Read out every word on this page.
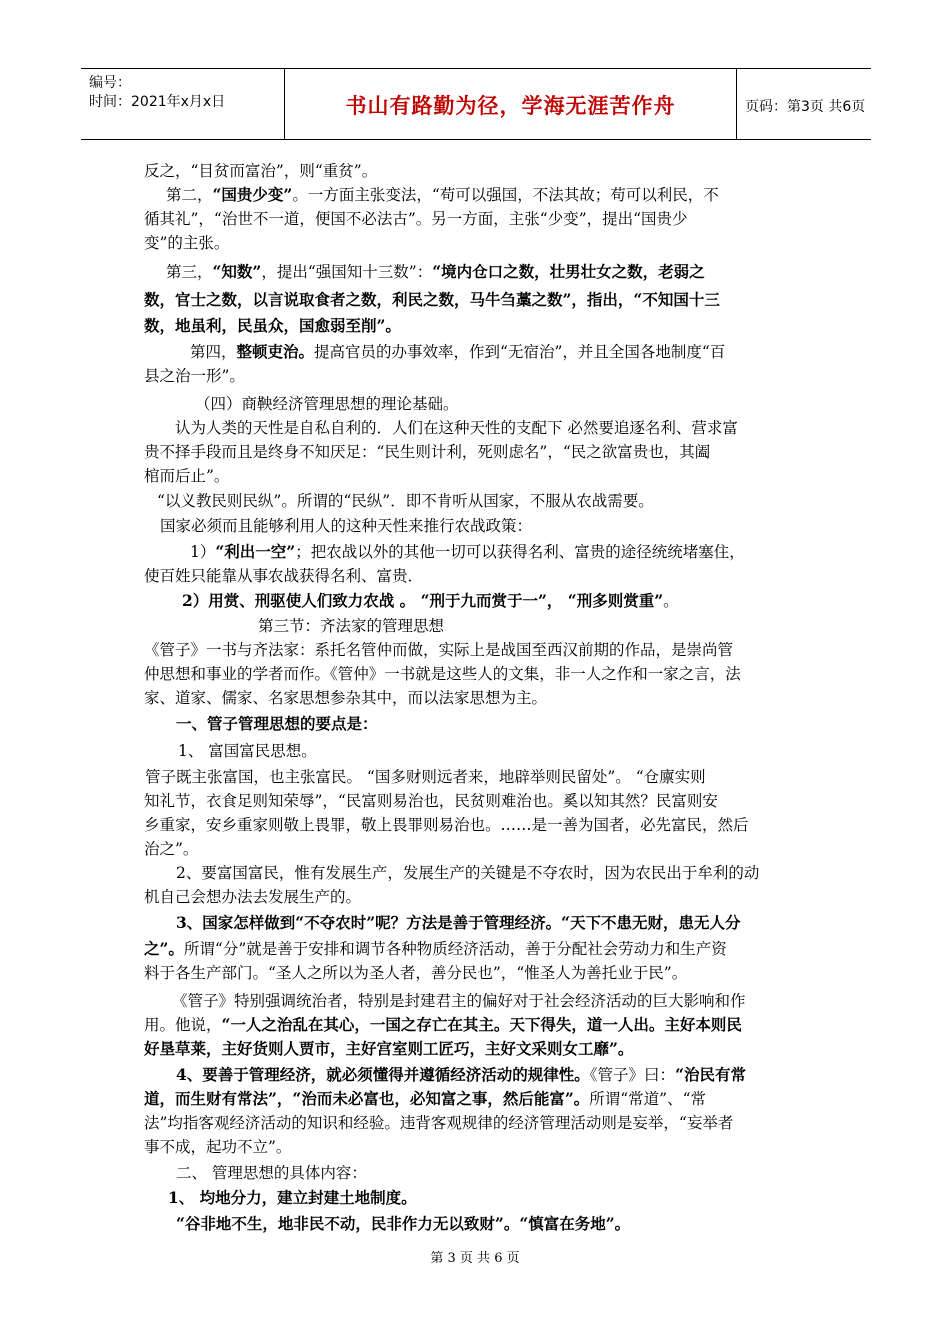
编号：
时间：2021年x月x日	书山有路勤为径，学海无涯苦作舟	页码：第3页 共6页
反之，“目贫而富治”，则“重贫”。
第二，“国贵少变”。一方面主张变法，“苟可以强国，不法其故；苟可以利民，不
循其礼”，“治世不一道，便国不必法古”。另一方面，主张“少变”，提出“国贵少
变”的主张。
第三，“知数”，提出“强国知十三数”：“境内仓口之数，壮男壮女之数，老弱之
数，官士之数，以言说取食者之数，利民之数，马牛刍藁之数”，指出，“不知国十三
数，地虽利，民虽众，国愈弱至削”。
第四，整顿吏治。提高官员的办事效率，作到“无宿治”，并且全国各地制度“百
县之治一形”。
（四）商鞅经济管理思想的理论基础。
认为人类的天性是自私自利的．人们在这种天性的支配下 必然要追逐名利、营求富
贵不择手段而且是终身不知厌足：“民生则计利，死则虑名”，“民之欲富贵也，其阖
棺而后止”。
“以义教民则民纵”。所谓的“民纵”．即不肯听从国家，不服从农战需要。
国家必须而且能够利用人的这种天性来推行农战政策：
1）“利出一空”；把农战以外的其他一切可以获得名利、富贵的途径统统堵塞住，
使百姓只能靠从事农战获得名利、富贵．
2）用赏、刑驱使人们致力农战 。 “刑于九而赏于一”， “刑多则赏重”。
第三节：齐法家的管理思想
《管子》一书与齐法家：系托名管仲而做，实际上是战国至西汉前期的作品，是崇尚管
仲思想和事业的学者而作。《管仲》一书就是这些人的文集，非一人之作和一家之言，法
家、道家、儒家、名家思想参杂其中，而以法家思想为主。
一、管子管理思想的要点是：
1、 富国富民思想。
管子既主张富国，也主张富民。 “国多财则远者来，地辟举则民留处”。 “仓廪实则
知礼节，衣食足则知荣辱”，“民富则易治也，民贫则难治也。奚以知其然？民富则安
乡重家，安乡重家则敬上畏罪，敬上畏罪则易治也。……是一善为国者，必先富民，然后
治之”。
2、要富国富民，惟有发展生产，发展生产的关键是不夺农时，因为农民出于牟利的动
机自己会想办法去发展生产的。
3、国家怎样做到“不夺农时”呢？方法是善于管理经济。“天下不患无财，患无人分
之”。所谓“分”就是善于安排和调节各种物质经济活动，善于分配社会劳动力和生产资
料于各生产部门。“圣人之所以为圣人者，善分民也”，“惟圣人为善托业于民”。
《管子》特别强调统治者，特别是封建君主的偏好对于社会经济活动的巨大影响和作
用。他说，“一人之治乱在其心，一国之存亡在其主。天下得失，道一人出。主好本则民
好垦草莱，主好货则人贾市，主好宫室则工匠巧，主好文采则女工靡”。
4、要善于管理经济，就必须懂得并遵循经济活动的规律性。《管子》曰：“治民有常
道，而生财有常法”，“治而未必富也，必知富之事，然后能富”。所谓“常道”、“常
法”均指客观经济活动的知识和经验。违背客观规律的经济管理活动则是妄举，“妄举者
事不成，起功不立”。
二、 管理思想的具体内容：
1、 均地分力，建立封建土地制度。
“谷非地不生，地非民不动，民非作力无以致财”。“慎富在务地”。
第 3 页 共 6 页
